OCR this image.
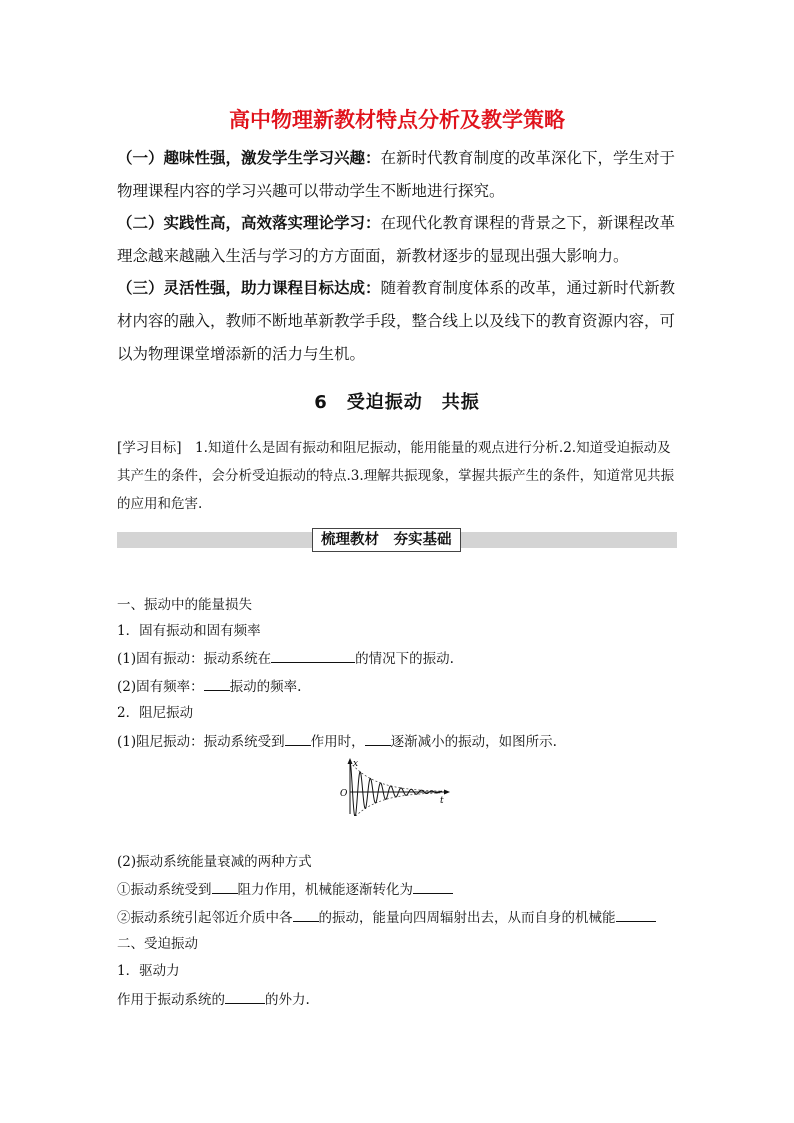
高中物理新教材特点分析及教学策略

（一）趣味性强，激发学生学习兴趣：在新时代教育制度的改革深化下，学生对于物理课程内容的学习兴趣可以带动学生不断地进行探究。

（二）实践性高，高效落实理论学习：在现代化教育课程的背景之下，新课程改革理念越来越融入生活与学习的方方面面，新教材逐步的显现出强大影响力。

（三）灵活性强，助力课程目标达成：随着教育制度体系的改革，通过新时代新教材内容的融入，教师不断地革新教学手段，整合线上以及线下的教育资源内容，可以为物理课堂增添新的活力与生机。

6　受迫振动　共振
[学习目标]　1.知道什么是固有振动和阻尼振动，能用能量的观点进行分析.2.知道受迫振动及其产生的条件，会分析受迫振动的特点.3.理解共振现象，掌握共振产生的条件，知道常见共振的应用和危害.
梳理教材　夯实基础
一、振动中的能量损失
1．固有振动和固有频率
(1)固有振动：振动系统在	的情况下的振动.
(2)固有频率： 振动的频率.
2．阻尼振动
(1)阻尼振动：振动系统受到 作用时， 逐渐减小的振动，如图所示.
x
O
t
(2)振动系统能量衰减的两种方式
①振动系统受到 阻力作用，机械能逐渐转化为
②振动系统引起邻近介质中各 的振动，能量向四周辐射出去，从而自身的机械能
二、受迫振动
1．驱动力
作用于振动系统的	的外力.
